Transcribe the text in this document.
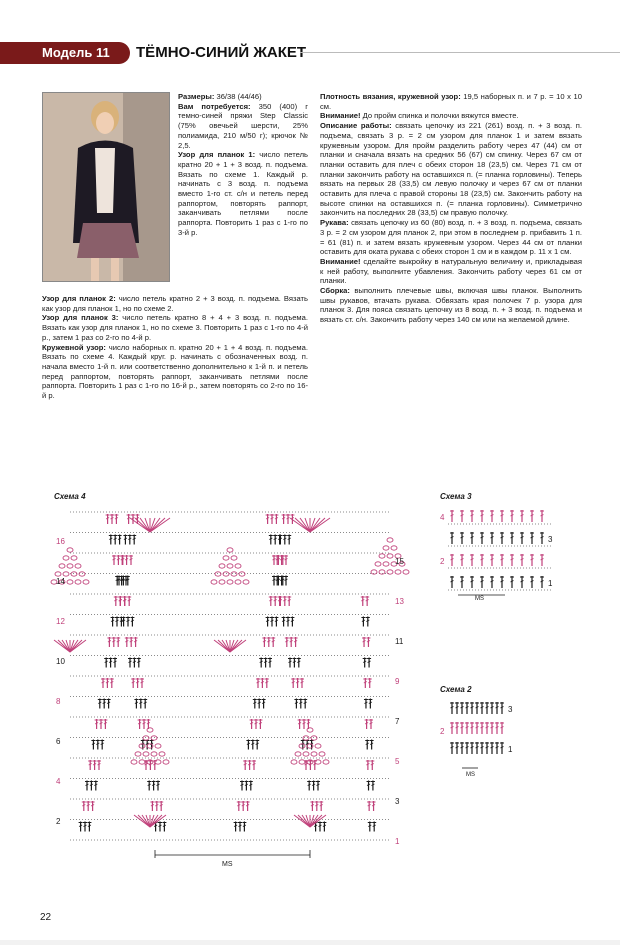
Модель 11 ТЁМНО-СИНИЙ ЖАКЕТ

Размеры: 36/38 (44/46)

Вам потребуется: 350 (400) г темно-синей пряжи Step Classic (75% овечьей шерсти, 25% полиамида, 210 м/50 г); крючок № 2,5.

Узор для планок 1: число петель кратно 20 + 1 + 3 возд. п. подъема. Вязать по схеме 1. Каждый р. начинать с 3 возд. п. подъема вместо 1-го ст. с/н и петель перед раппортом, повторять раппорт, заканчивать петлями после раппорта. Повторить 1 раз с 1-го по 3-й р.

Узор для планок 2: число петель кратно 2 + 3 возд. п. подъема. Вязать как узор для планок 1, но по схеме 2.

Узор для планок 3: число петель кратно 8 + 4 + 3 возд. п. подъема. Вязать как узор для планок 1, но по схеме 3. Повторить 1 раз с 1-го по 4-й р., затем 1 раз со 2-го по 4-й р.

Кружевной узор: число наборных п. кратно 20 + 1 + 4 возд. п. подъема. Вязать по схеме 4. Каждый круг. р. начинать с обозначенных возд. п. начала вместо 1-й п. или соответственно дополнительно к 1-й п. и петель перед раппортом, повторять раппорт, заканчивать петлями после раппорта. Повторить 1 раз с 1-го по 16-й р., затем повторять со 2-го по 16-й р.

Плотность вязания, кружевной узор: 19,5 наборных п. и 7 р. = 10 х 10 см.

Внимание! До пройм спинка и полочки вяжутся вместе.

Описание работы: связать цепочку из 221 (261) возд. п. + 3 возд. п. подъема, связать 3 р. = 2 см узором для планок 1 и затем вязать кружевным узором. Для пройм разделить работу через 47 (44) см от планки и сначала вязать на средних 56 (67) см спинку. Через 67 см от планки оставить для плеч с обеих сторон 18 (23,5) см. Через 71 см от планки закончить работу на оставшихся п. (= планка горловины). Теперь вязать на первых 28 (33,5) см левую полочку и через 67 см от планки оставить для плеча с правой стороны 18 (23,5) см. Закончить работу на высоте спинки на оставшихся п. (= планка горловины). Симметрично закончить на последних 28 (33,5) см правую полочку.

Рукава: связать цепочку из 60 (80) возд. п. + 3 возд. п. подъема, связать 3 р. = 2 см узором для планок 2, при этом в последнем р. прибавить 1 п. = 61 (81) п. и затем вязать кружевным узором. Через 44 см от планки оставить для оката рукава с обеих сторон 1 см и в каждом р. 11 х 1 см.

Внимание! сделайте выкройку в натуральную величину и, прикладывая к ней работу, выполните убавления. Закончить работу через 61 см от планки.

Сборка: выполнить плечевые швы, включая швы планок. Выполнить швы рукавов, втачать рукава. Обвязать края полочек 7 р. узора для планок 3. Для пояса связать цепочку из 8 возд. п. + 3 возд. п. подъема и вязать ст. с/н. Закончить работу через 140 см или на желаемой длине.

Схема 4	Схема 3
Схема 2
16
14
12
10
8
6
4
2
15
13
11
9
7
5
3
1
MS
4
2
3
1
MS
2
3
1
MS
22
